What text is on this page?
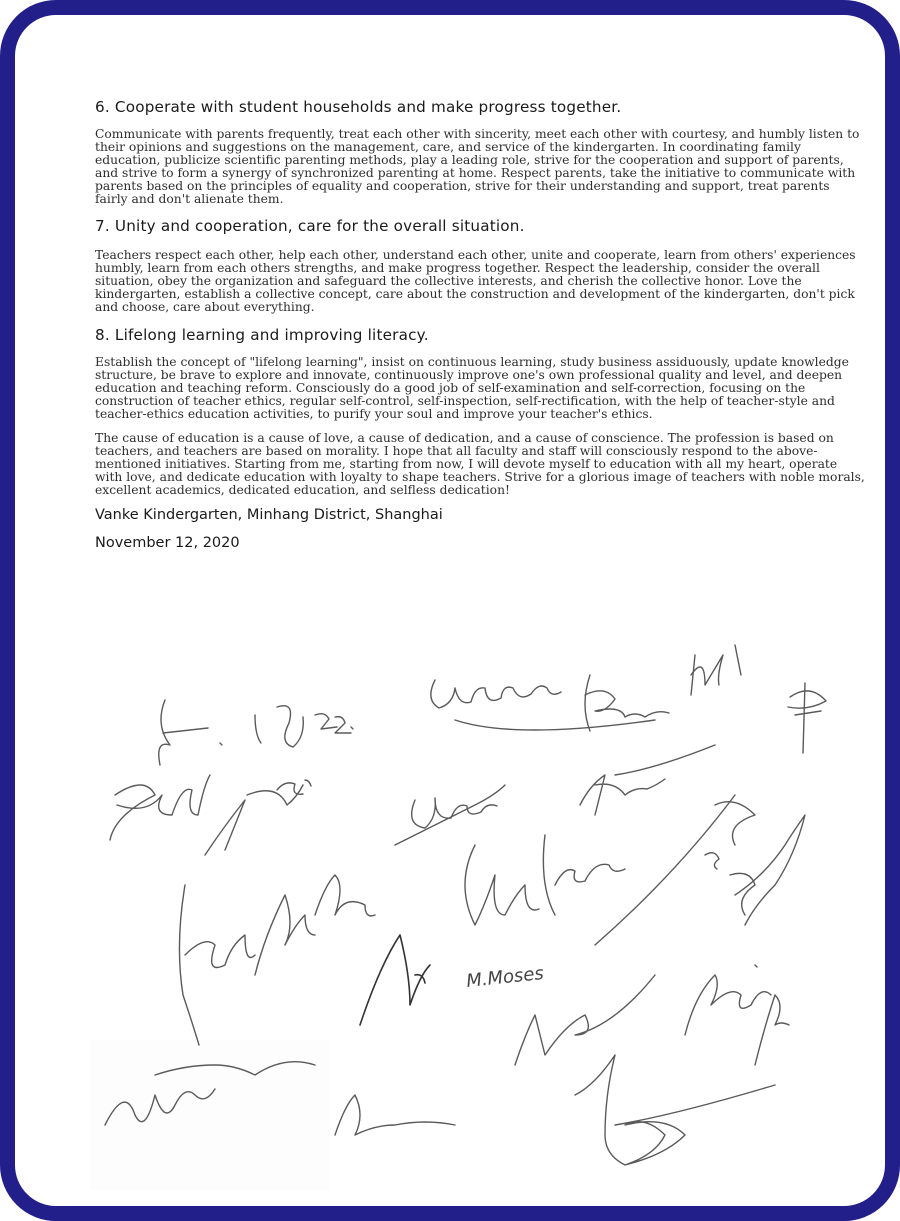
6. Cooperate with student households and make progress together.

Communicate with parents frequently, treat each other with sincerity, meet each other with courtesy, and humbly listen to their opinions and suggestions on the management, care, and service of the kindergarten. In coordinating family education, publicize scientific parenting methods, play a leading role, strive for the cooperation and support of parents, and strive to form a synergy of synchronized parenting at home. Respect parents, take the initiative to communicate with parents based on the principles of equality and cooperation, strive for their understanding and support, treat parents fairly and don't alienate them.

7. Unity and cooperation, care for the overall situation.

Teachers respect each other, help each other, understand each other, unite and cooperate, learn from others' experiences humbly, learn from each others strengths, and make progress together. Respect the leadership, consider the overall situation, obey the organization and safeguard the collective interests, and cherish the collective honor. Love the kindergarten, establish a collective concept, care about the construction and development of the kindergarten, don't pick and choose, care about everything.

8. Lifelong learning and improving literacy.

Establish the concept of "lifelong learning", insist on continuous learning, study business assiduously, update knowledge structure, be brave to explore and innovate, continuously improve one's own professional quality and level, and deepen education and teaching reform. Consciously do a good job of self-examination and self-correction, focusing on the construction of teacher ethics, regular self-control, self-inspection, self-rectification, with the help of teacher-style and teacher-ethics education activities, to purify your soul and improve your teacher's ethics.

The cause of education is a cause of love, a cause of dedication, and a cause of conscience. The profession is based on teachers, and teachers are based on morality. I hope that all faculty and staff will consciously respond to the above-mentioned initiatives. Starting from me, starting from now, I will devote myself to education with all my heart, operate with love, and dedicate education with loyalty to shape teachers. Strive for a glorious image of teachers with noble morals, excellent academics, dedicated education, and selfless dedication!

Vanke Kindergarten, Minhang District, Shanghai
November 12, 2020
M.Moses
